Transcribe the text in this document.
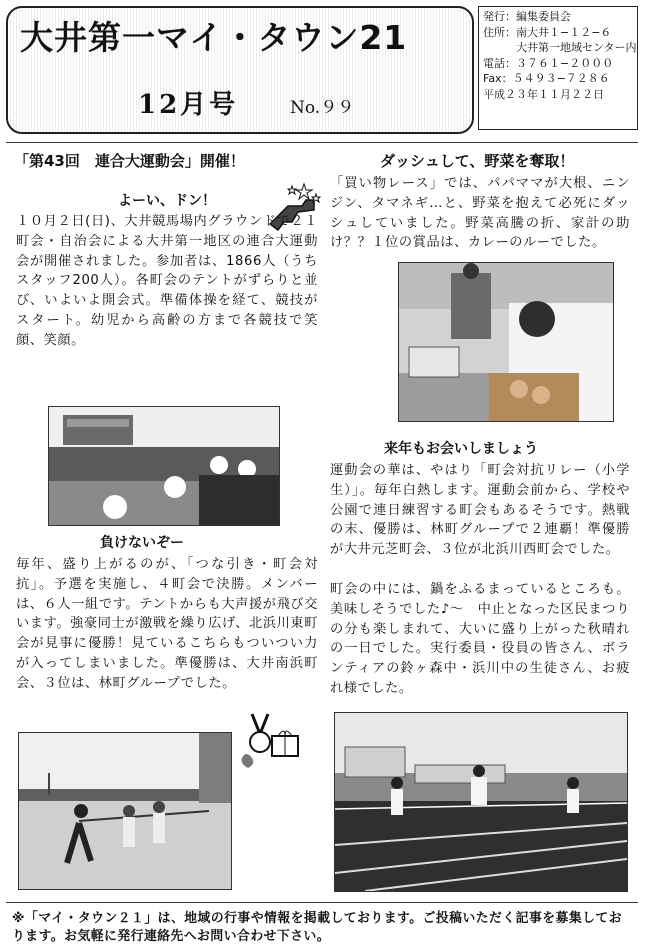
大井第一マイ・タウン21
12月号	No.９９
発行：編集委員会
住所：南大井１−１２−６
　　　大井第一地域センター内
電話：３７６１−２０００
Fax：５４９３−７２８６
平成２３年１１月２２日
「第43回　連合大運動会」開催！
よーい、ドン！
１０月２日(日)、大井競馬場内グラウンドで２１町会・自治会による大井第一地区の連合大運動会が開催されました。参加者は、1866人（うちスタッフ200人）。各町会のテントがずらりと並び、いよいよ開会式。準備体操を経て、競技がスタート。幼児から高齢の方まで各競技で笑顔、笑顔。
負けないぞー
毎年、盛り上がるのが、「つな引き・町会対抗」。予選を実施し、４町会で決勝。メンバーは、６人一組です。テントからも大声援が飛び交います。強豪同士が激戦を繰り広げ、北浜川東町会が見事に優勝！見ているこちらもついつい力が入ってしまいました。準優勝は、大井南浜町会、３位は、林町グループでした。
ダッシュして、野菜を奪取！
「買い物レース」では、パパママが大根、ニンジン、タマネギ…と、野菜を抱えて必死にダッシュしていました。野菜高騰の折、家計の助け？？１位の賞品は、カレーのルーでした。
来年もお会いしましょう
運動会の華は、やはり「町会対抗リレー（小学生）」。毎年白熱します。運動会前から、学校や公園で連日練習する町会もあるそうです。熱戦の末、優勝は、林町グループで２連覇！準優勝が大井元芝町会、３位が北浜川西町会でした。
町会の中には、鍋をふるまっているところも。美味しそうでした♪〜　中止となった区民まつりの分も楽しまれて、大いに盛り上がった秋晴れの一日でした。実行委員・役員の皆さん、ボランティアの鈴ヶ森中・浜川中の生徒さん、お疲れ様でした。
※「マイ・タウン２１」は、地域の行事や情報を掲載しております。ご投稿いただく記事を募集しております。お気軽に発行連絡先へお問い合わせ下さい。
